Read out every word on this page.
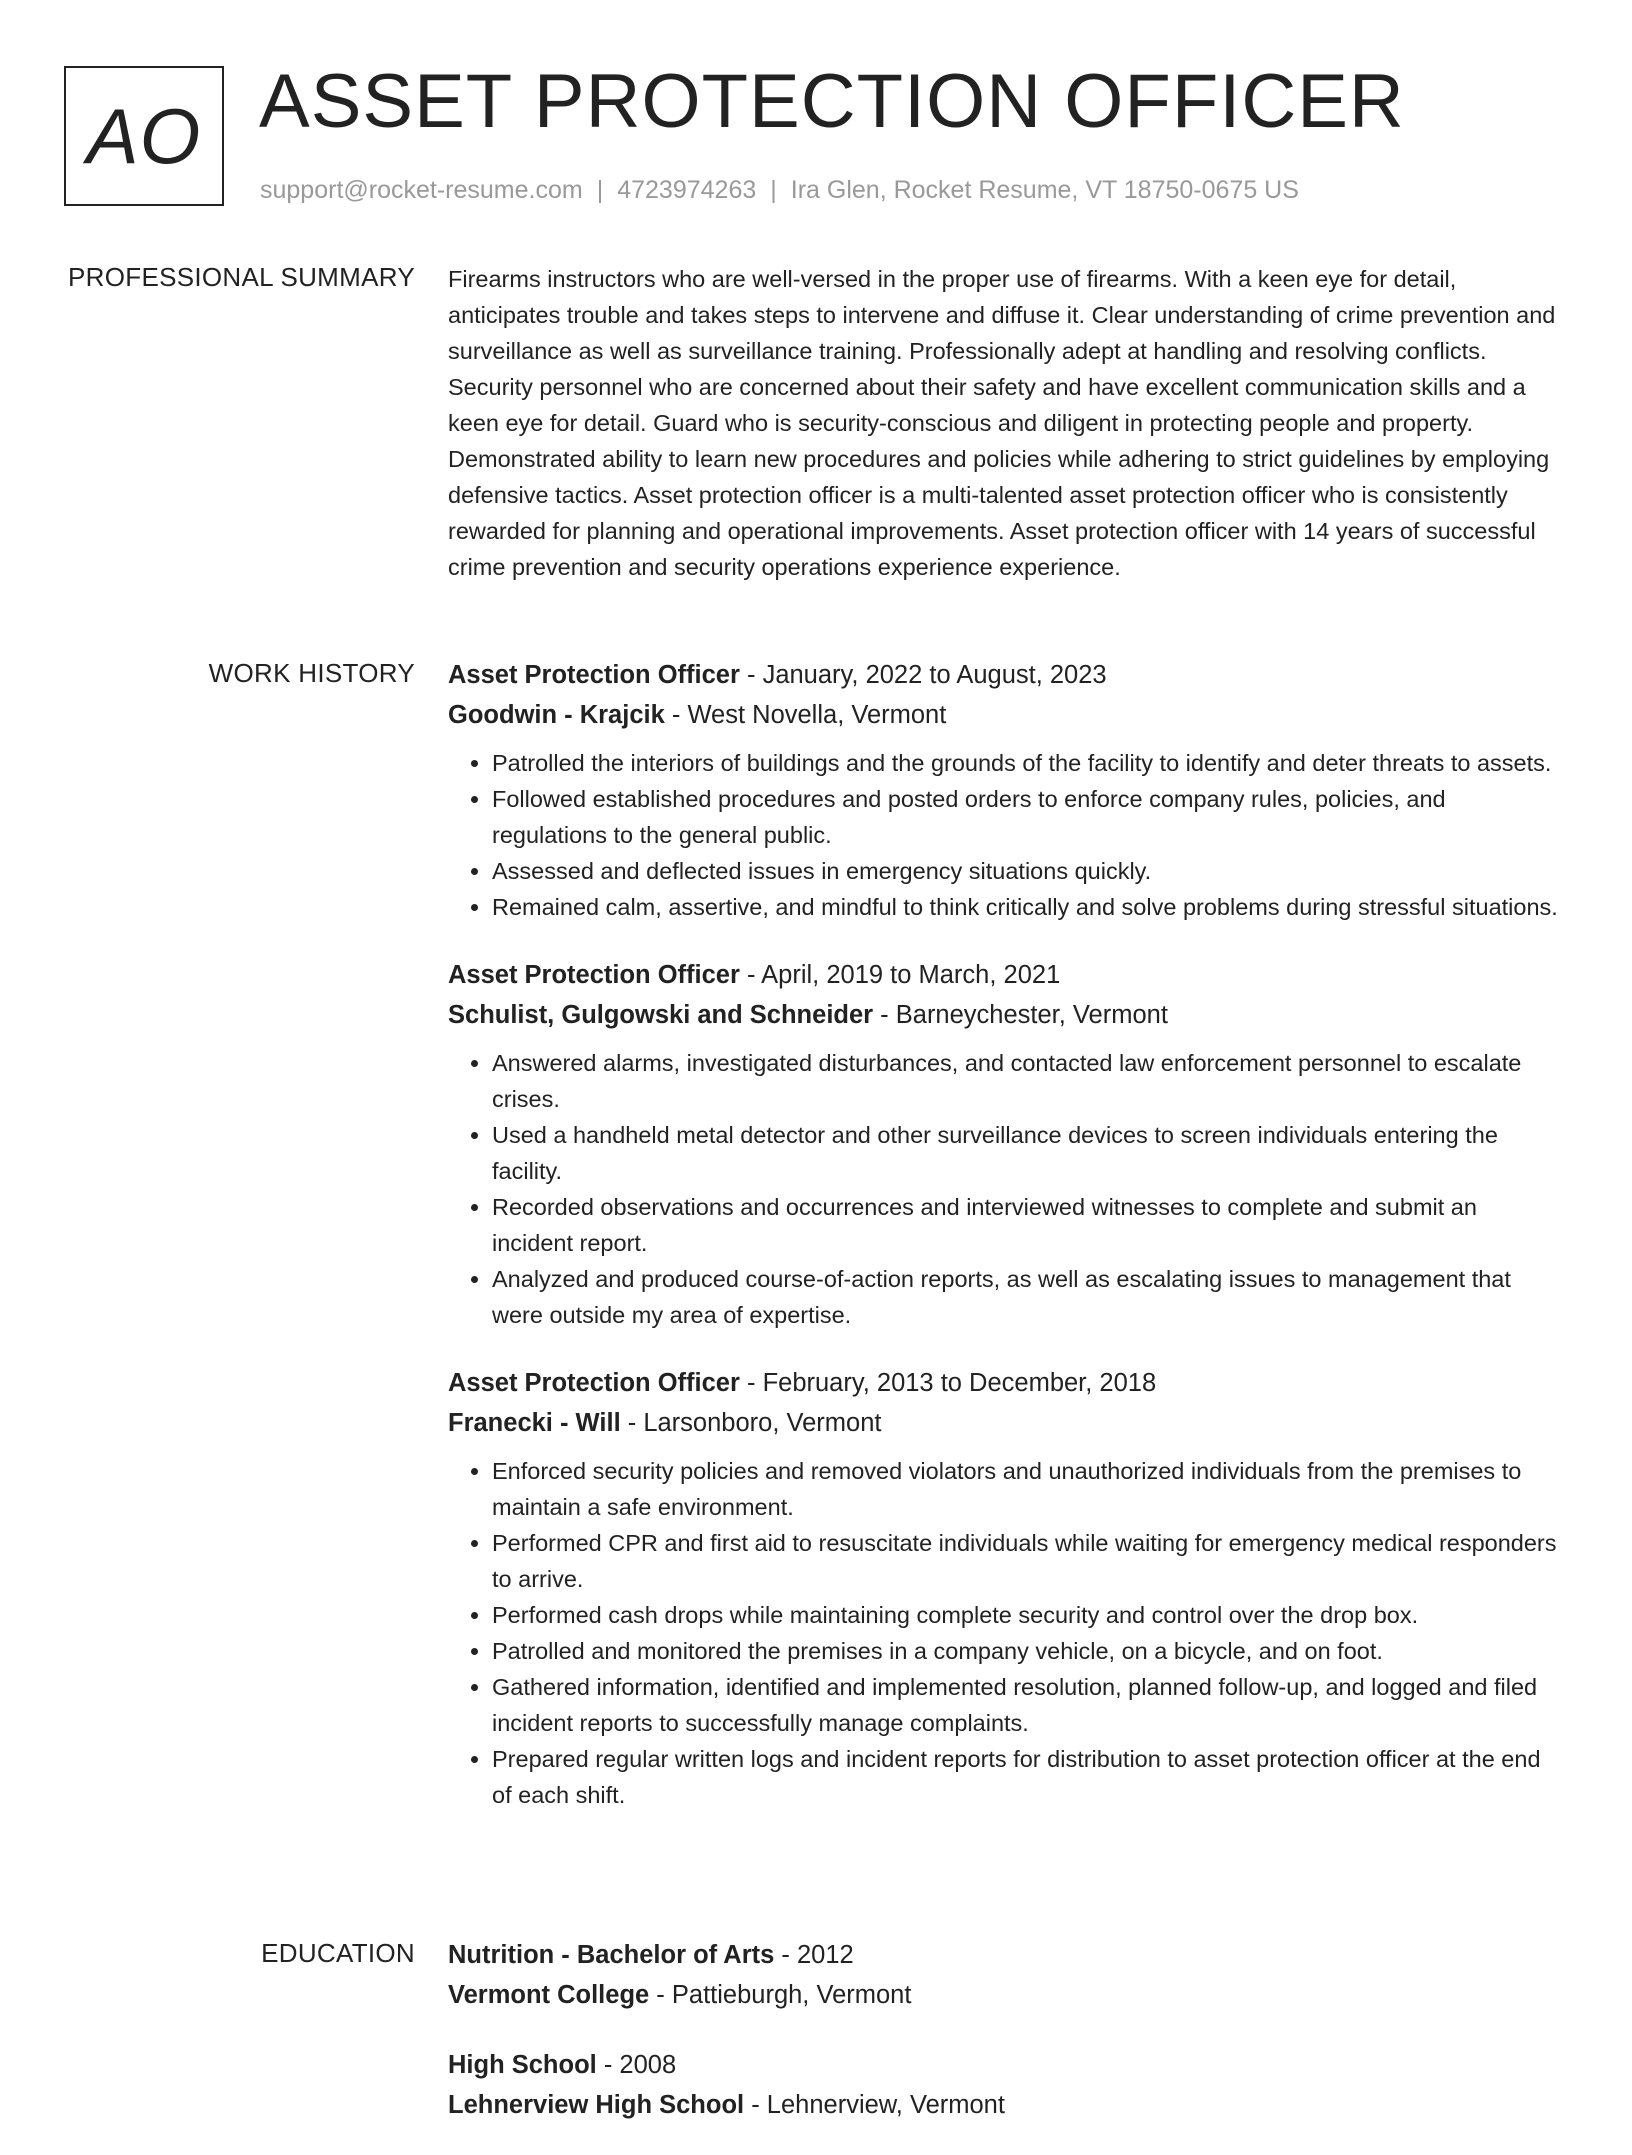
AO ASSET PROTECTION OFFICER
support@rocket-resume.com | 4723974263 | Ira Glen, Rocket Resume, VT 18750-0675 US
PROFESSIONAL SUMMARY Firearms instructors who are well-versed in the proper use of firearms. With a keen eye for detail, anticipates trouble and takes steps to intervene and diffuse it. Clear understanding of crime prevention and surveillance as well as surveillance training. Professionally adept at handling and resolving conflicts. Security personnel who are concerned about their safety and have excellent communication skills and a keen eye for detail. Guard who is security-conscious and diligent in protecting people and property. Demonstrated ability to learn new procedures and policies while adhering to strict guidelines by employing defensive tactics. Asset protection officer is a multi-talented asset protection officer who is consistently rewarded for planning and operational improvements. Asset protection officer with 14 years of successful crime prevention and security operations experience experience.

WORK HISTORY Asset Protection Officer - January, 2022 to August, 2023
Goodwin - Krajcik - West Novella, Vermont
• Patrolled the interiors of buildings and the grounds of the facility to identify and deter threats to assets.
• Followed established procedures and posted orders to enforce company rules, policies, and regulations to the general public.
• Assessed and deflected issues in emergency situations quickly.
• Remained calm, assertive, and mindful to think critically and solve problems during stressful situations.
Asset Protection Officer - April, 2019 to March, 2021
Schulist, Gulgowski and Schneider - Barneychester, Vermont
• Answered alarms, investigated disturbances, and contacted law enforcement personnel to escalate crises.
• Used a handheld metal detector and other surveillance devices to screen individuals entering the facility.
• Recorded observations and occurrences and interviewed witnesses to complete and submit an incident report.
• Analyzed and produced course-of-action reports, as well as escalating issues to management that were outside my area of expertise.
Asset Protection Officer - February, 2013 to December, 2018
Franecki - Will - Larsonboro, Vermont
• Enforced security policies and removed violators and unauthorized individuals from the premises to maintain a safe environment.
• Performed CPR and first aid to resuscitate individuals while waiting for emergency medical responders to arrive.
• Performed cash drops while maintaining complete security and control over the drop box.
• Patrolled and monitored the premises in a company vehicle, on a bicycle, and on foot.
• Gathered information, identified and implemented resolution, planned follow-up, and logged and filed incident reports to successfully manage complaints.
• Prepared regular written logs and incident reports for distribution to asset protection officer at the end of each shift.
EDUCATION Nutrition - Bachelor of Arts - 2012
Vermont College - Pattieburgh, Vermont
High School - 2008
Lehnerview High School - Lehnerview, Vermont
